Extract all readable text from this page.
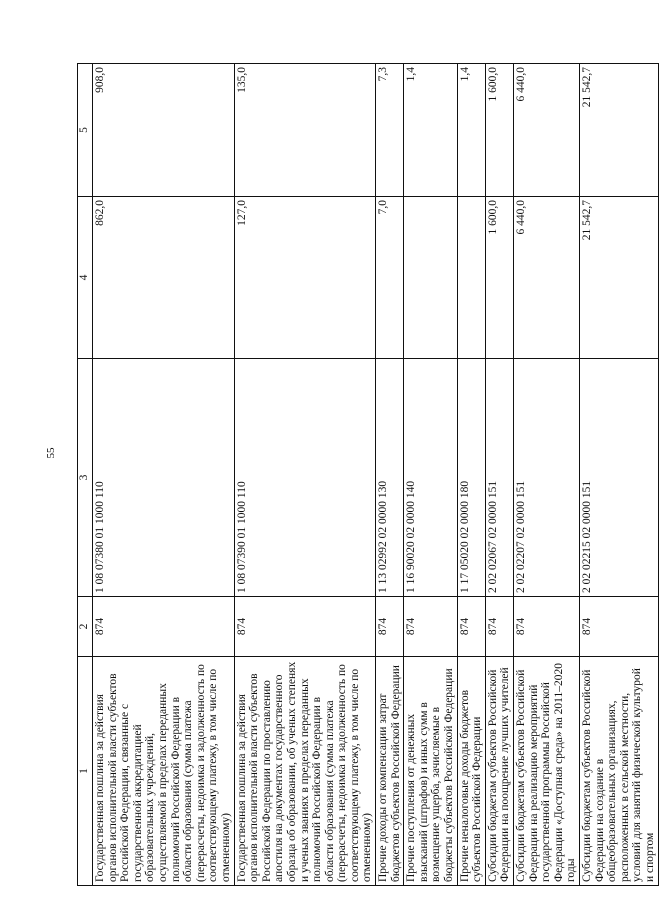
55
1	2	3	4	5
Государственная пошлина за действия органов исполнительной власти субъектов Российской Федерации, связанные с государственной аккредитацией образовательных учреждений, осуществляемой в пределах переданных полномочий Российской Федерации в области образования (сумма платежа (перерасчеты, недоимка и задолженность по соответствующему платежу, в том числе по отмененному)	874	1 08 07380 01 1000 110	862,0	908,0
Государственная пошлина за действия органов исполнительной власти субъектов Российской Федерации по проставлению апостиля на документах государственного образца об образовании, об ученых степенях и ученых званиях в пределах переданных полномочий Российской Федерации в области образования (сумма платежа (перерасчеты, недоимка и задолженность по соответствующему платежу, в том числе по отмененному)	874	1 08 07390 01 1000 110	127,0	135,0
Прочие доходы от компенсации затрат бюджетов субъектов Российской Федерации	874	1 13 02992 02 0000 130	7,0	7,3
Прочие поступления от денежных взысканий (штрафов) и иных сумм в возмещение ущерба, зачисляемые в бюджеты субъектов Российской Федерации	874	1 16 90020 02 0000 140		1,4
Прочие неналоговые доходы бюджетов субъектов Российской Федерации	874	1 17 05020 02 0000 180		1,4
Субсидии бюджетам субъектов Российской Федерации на поощрение лучших учителей	874	2 02 02067 02 0000 151	1 600,0	1 600,0
Субсидии бюджетам субъектов Российской Федерации на реализацию мероприятий государственной программы Российской Федерации «Доступная среда» на 2011–2020 годы	874	2 02 02207 02 0000 151	6 440,0	6 440,0
Субсидии бюджетам субъектов Российской Федерации на создание в общеобразовательных организациях, расположенных в сельской местности, условий для занятий физической культурой и спортом	874	2 02 02215 02 0000 151	21 542,7	21 542,7
